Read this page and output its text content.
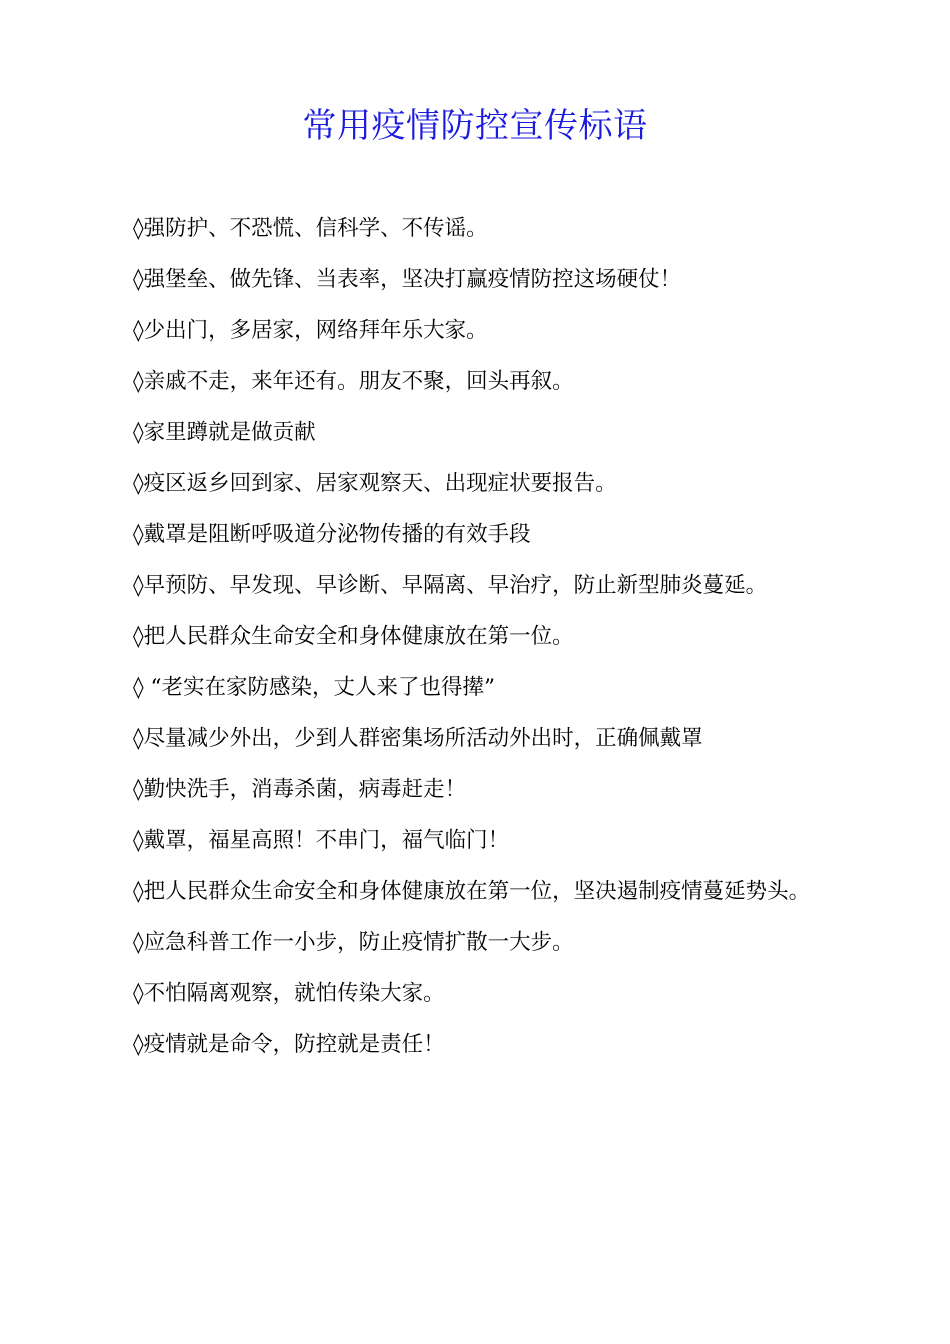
常用疫情防控宣传标语
◊强防护、不恐慌、信科学、不传谣。
◊强堡垒、做先锋、当表率，坚决打赢疫情防控这场硬仗！
◊少出门，多居家，网络拜年乐大家。
◊亲戚不走，来年还有。朋友不聚，回头再叙。
◊家里蹲就是做贡献
◊疫区返乡回到家、居家观察天、出现症状要报告。
◊戴罩是阻断呼吸道分泌物传播的有效手段
◊早预防、早发现、早诊断、早隔离、早治疗，防止新型肺炎蔓延。
◊把人民群众生命安全和身体健康放在第一位。
◊ “老实在家防感染，丈人来了也得撵”
◊尽量减少外出，少到人群密集场所活动外出时，正确佩戴罩
◊勤快洗手，消毒杀菌，病毒赶走！
◊戴罩，福星高照！不串门，福气临门！
◊把人民群众生命安全和身体健康放在第一位，坚决遏制疫情蔓延势头。
◊应急科普工作一小步，防止疫情扩散一大步。
◊不怕隔离观察，就怕传染大家。
◊疫情就是命令，防控就是责任！
